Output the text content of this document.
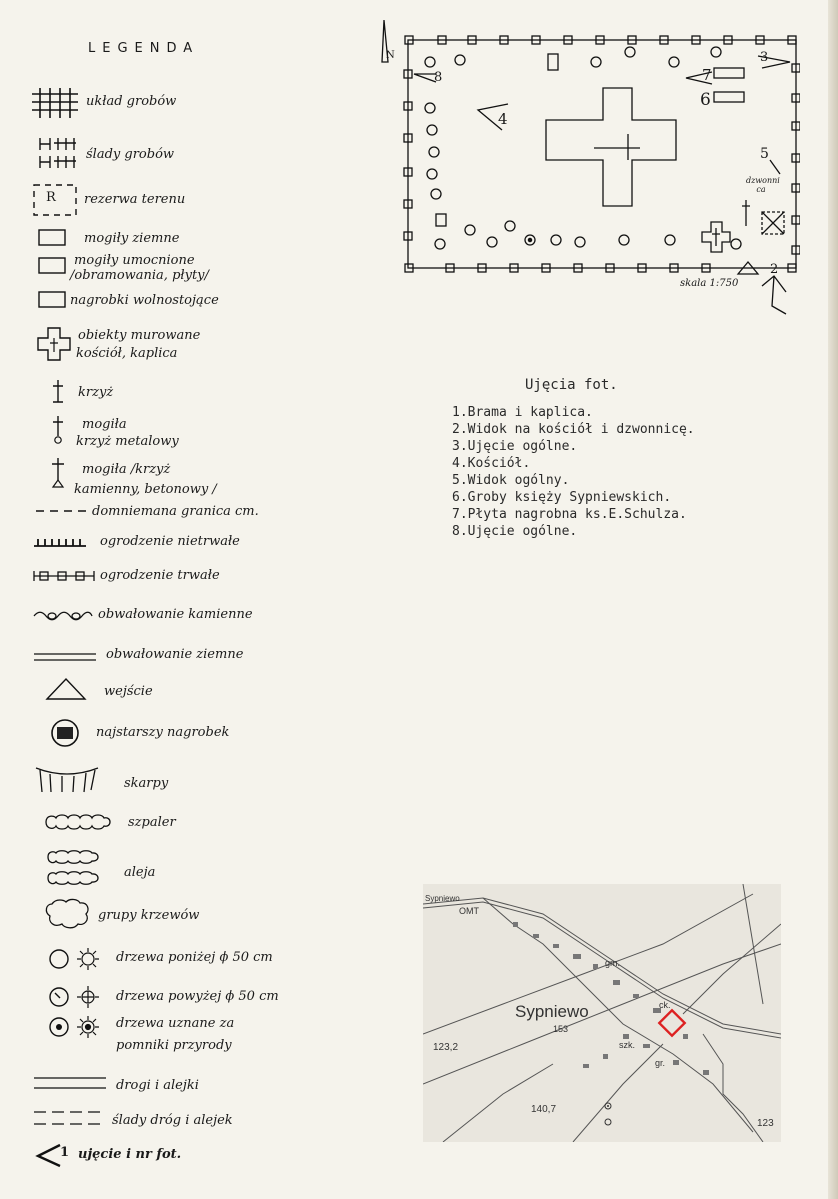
LEGENDA
układ grobów
ślady grobów
R rezerwa terenu
mogiły ziemne
mogiły umocnione
/obramowania, płyty/
nagrobki wolnostojące
obiekty murowane
kościół, kaplica
krzyż
mogiła
krzyż metalowy
mogiła /krzyż
kamienny, betonowy /
domniemana granica cm.
ogrodzenie nietrwałe
ogrodzenie trwałe
obwałowanie kamienne
obwałowanie ziemne
wejście
najstarszy nagrobek
skarpy
szpaler
aleja
grupy krzewów
drzewa poniżej ϕ 50 cm
drzewa powyżej ϕ 50 cm
drzewa uznane za
pomniki przyrody
drogi i alejki
ślady dróg i alejek
1 ujęcie i nr fot.
N
dzwonni ca
2
3
4
5
6
7
8
skala 1:750
Ujęcia fot.
1.Brama i kaplica.
2.Widok na kościół i dzwonnicę.
3.Ujęcie ogólne.
4.Kościół.
5.Widok ogólny.
6.Groby księży Sypniewskich.
7.Płyta nagrobna ks.E.Schulza.
8.Ujęcie ogólne.
Sypniewo
Sypniewo
153
123,2
140,7
123
OMT
szk.
gm.
ck.
gr.
